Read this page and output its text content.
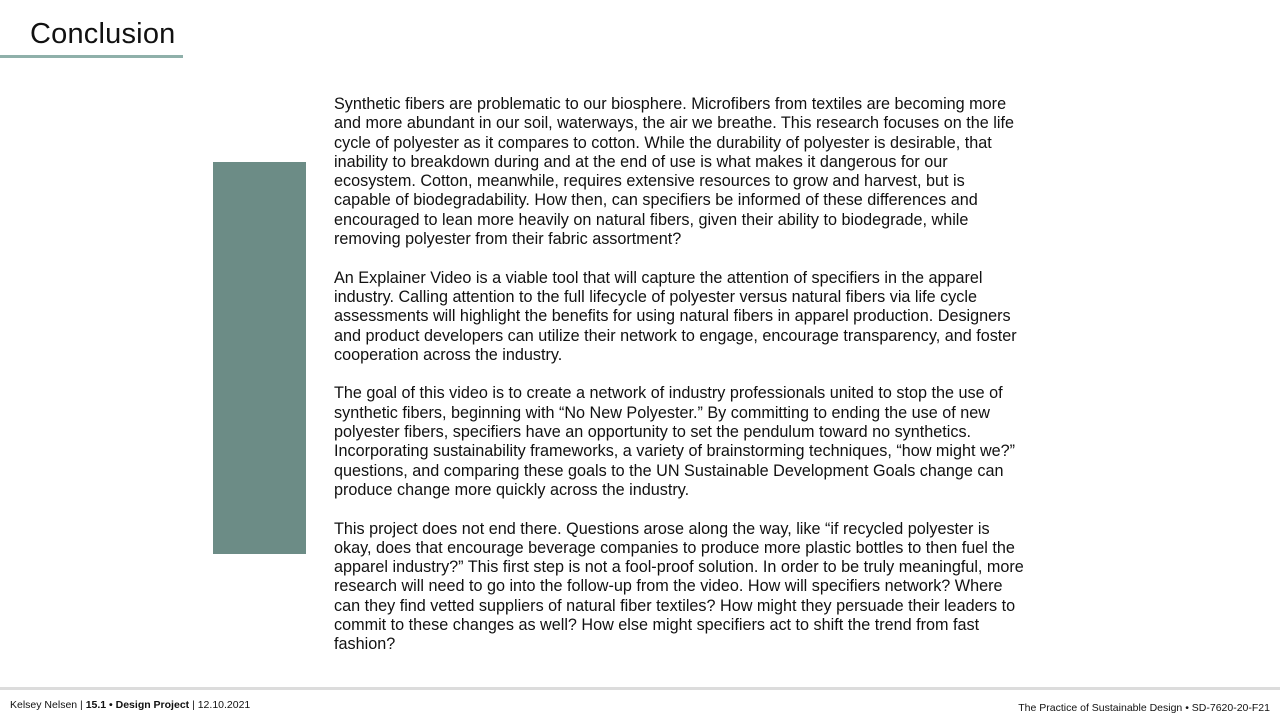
Conclusion

Synthetic fibers are problematic to our biosphere. Microfibers from textiles are becoming more and more abundant in our soil, waterways, the air we breathe. This research focuses on the life cycle of polyester as it compares to cotton. While the durability of polyester is desirable, that inability to breakdown during and at the end of use is what makes it dangerous for our ecosystem. Cotton, meanwhile, requires extensive resources to grow and harvest, but is capable of biodegradability. How then, can specifiers be informed of these differences and encouraged to lean more heavily on natural fibers, given their ability to biodegrade, while removing polyester from their fabric assortment?

An Explainer Video is a viable tool that will capture the attention of specifiers in the apparel industry. Calling attention to the full lifecycle of polyester versus natural fibers via life cycle assessments will highlight the benefits for using natural fibers in apparel production. Designers and product developers can utilize their network to engage, encourage transparency, and foster cooperation across the industry.

The goal of this video is to create a network of industry professionals united to stop the use of synthetic fibers, beginning with “No New Polyester.” By committing to ending the use of new polyester fibers, specifiers have an opportunity to set the pendulum toward no synthetics. Incorporating sustainability frameworks, a variety of brainstorming techniques, “how might we?” questions, and comparing these goals to the UN Sustainable Development Goals change can produce change more quickly across the industry.

This project does not end there. Questions arose along the way, like “if recycled polyester is okay, does that encourage beverage companies to produce more plastic bottles to then fuel the apparel industry?” This first step is not a fool-proof solution. In order to be truly meaningful, more research will need to go into the follow-up from the video. How will specifiers network? Where can they find vetted suppliers of natural fiber textiles? How might they persuade their leaders to commit to these changes as well? How else might specifiers act to shift the trend from fast fashion?

Kelsey Nelsen | 15.1 • Design Project | 12.10.2021	The Practice of Sustainable Design • SD-7620-20-F21
